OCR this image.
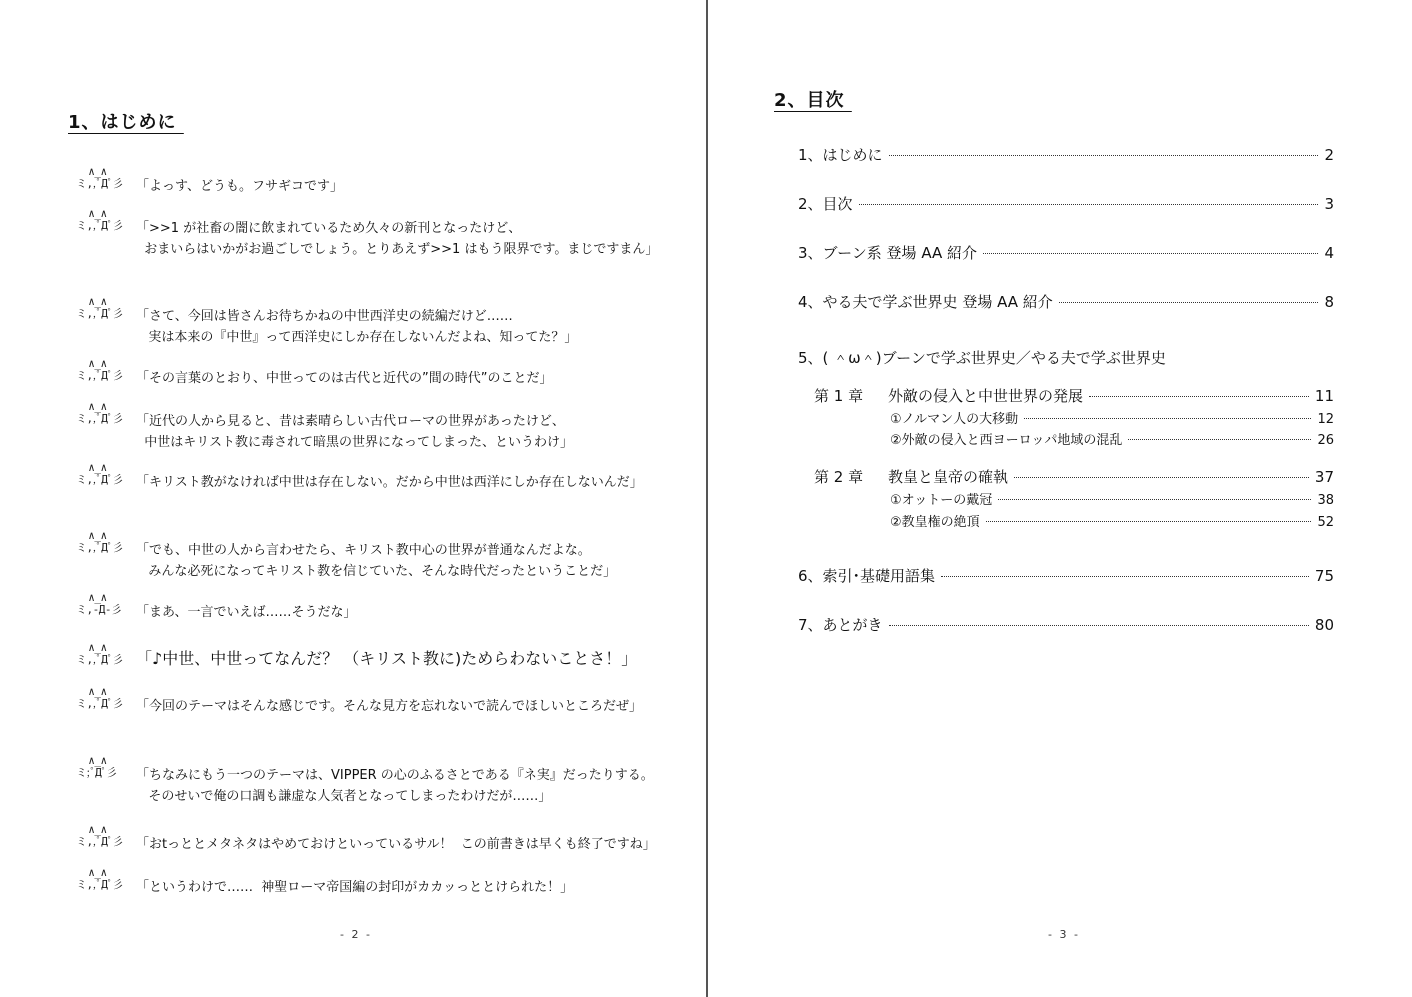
1、はじめに
∧_∧
ミ,,ﾟДﾟ彡 「よっす、どうも。フサギコです」
∧_∧
ミ,,ﾟДﾟ彡 「>>1 が社畜の闇に飲まれているため久々の新刊となったけど、
おまいらはいかがお過ごしでしょう。とりあえず>>1 はもう限界です。まじですまん」
∧_∧
ミ,,ﾟДﾟ彡 「さて、今回は皆さんお待ちかねの中世西洋史の続編だけど……
実は本来の『中世』って西洋史にしか存在しないんだよね、知ってた？」
∧_∧
ミ,,ﾟДﾟ彡 「その言葉のとおり、中世ってのは古代と近代の”間の時代”のことだ」
∧_∧
ミ,,ﾟДﾟ彡 「近代の人から見ると、昔は素晴らしい古代ローマの世界があったけど、
中世はキリスト教に毒されて暗黒の世界になってしまった、というわけ」
∧_∧
ミ,,ﾟДﾟ彡 「キリスト教がなければ中世は存在しない。だから中世は西洋にしか存在しないんだ」
∧_∧
ミ,,ﾟДﾟ彡 「でも、中世の人から言わせたら、キリスト教中心の世界が普通なんだよな。
みんな必死になってキリスト教を信じていた、そんな時代だったということだ」
∧_∧
ミ,-Д-彡 「まあ、一言でいえば……そうだな」
∧_∧
ミ,,ﾟДﾟ彡 「♪中世、中世ってなんだ？ （キリスト教に)ためらわないことさ！」
∧_∧
ミ,,ﾟДﾟ彡 「今回のテーマはそんな感じです。そんな見方を忘れないで読んでほしいところだぜ」
∧_∧
ミ;ﾟДﾟ彡 「ちなみにもう一つのテーマは、VIPPER の心のふるさとである『ネ実』だったりする。
そのせいで俺の口調も謙虚な人気者となってしまったわけだが……」
∧_∧
ミ,,ﾟДﾟ彡 「おtっととメタネタはやめておけといっているサル！  この前書きは早くも終了ですね」
∧_∧
ミ,,ﾟДﾟ彡 「というわけで……  神聖ローマ帝国編の封印がカカッっととけられた！」
- 2 -
2、目次
1、はじめに	2
2、目次	3
3、ブーン系 登場 AA 紹介	4
4、やる夫で学ぶ世界史 登場 AA 紹介	8
5、( ＾ω＾)ブーンで学ぶ世界史／やる夫で学ぶ世界史
第 1 章	外敵の侵入と中世世界の発展	11
①ノルマン人の大移動	12
②外敵の侵入と西ヨーロッパ地域の混乱	26
第 2 章	教皇と皇帝の確執	37
①オットーの戴冠	38
②教皇権の絶頂	52
6、索引･基礎用語集	75
7、あとがき	80
- 3 -
